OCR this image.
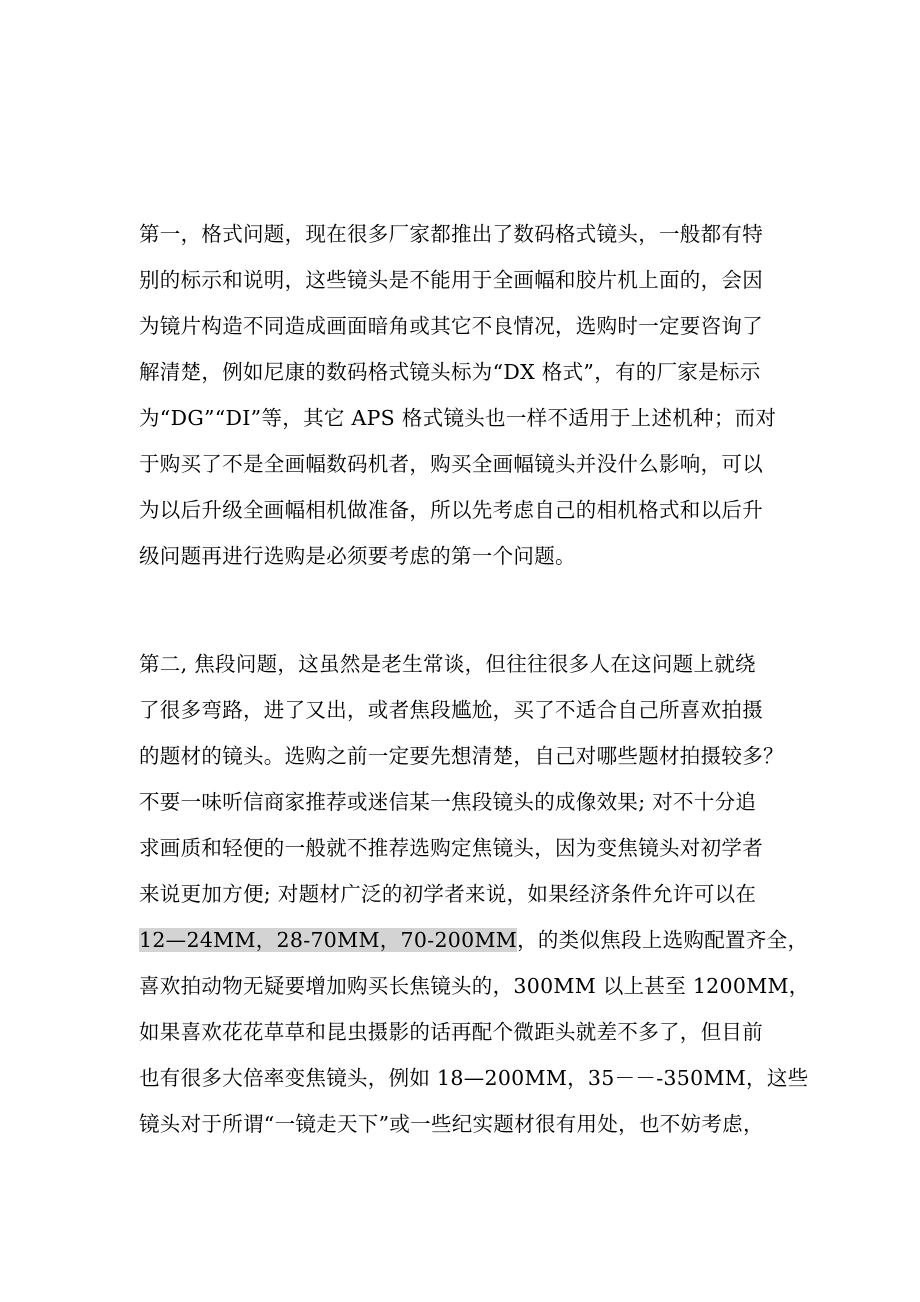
第一，格式问题，现在很多厂家都推出了数码格式镜头，一般都有特
别的标示和说明，这些镜头是不能用于全画幅和胶片机上面的，会因
为镜片构造不同造成画面暗角或其它不良情况，选购时一定要咨询了
解清楚，例如尼康的数码格式镜头标为“DX 格式”，有的厂家是标示
为“DG”“DI”等，其它 APS 格式镜头也一样不适用于上述机种；而对
于购买了不是全画幅数码机者，购买全画幅镜头并没什么影响，可以
为以后升级全画幅相机做准备，所以先考虑自己的相机格式和以后升
级问题再进行选购是必须要考虑的第一个问题。
第二, 焦段问题，这虽然是老生常谈，但往往很多人在这问题上就绕
了很多弯路，进了又出，或者焦段尴尬，买了不适合自己所喜欢拍摄
的题材的镜头。选购之前一定要先想清楚，自己对哪些题材拍摄较多？
不要一味听信商家推荐或迷信某一焦段镜头的成像效果; 对不十分追
求画质和轻便的一般就不推荐选购定焦镜头，因为变焦镜头对初学者
来说更加方便; 对题材广泛的初学者来说，如果经济条件允许可以在
12—24MM，28-70MM，70-200MM，的类似焦段上选购配置齐全，
喜欢拍动物无疑要增加购买长焦镜头的，300MM 以上甚至 1200MM，
如果喜欢花花草草和昆虫摄影的话再配个微距头就差不多了，但目前
也有很多大倍率变焦镜头，例如 18—200MM，35－－-350MM，这些
镜头对于所谓“一镜走天下”或一些纪实题材很有用处，也不妨考虑，
